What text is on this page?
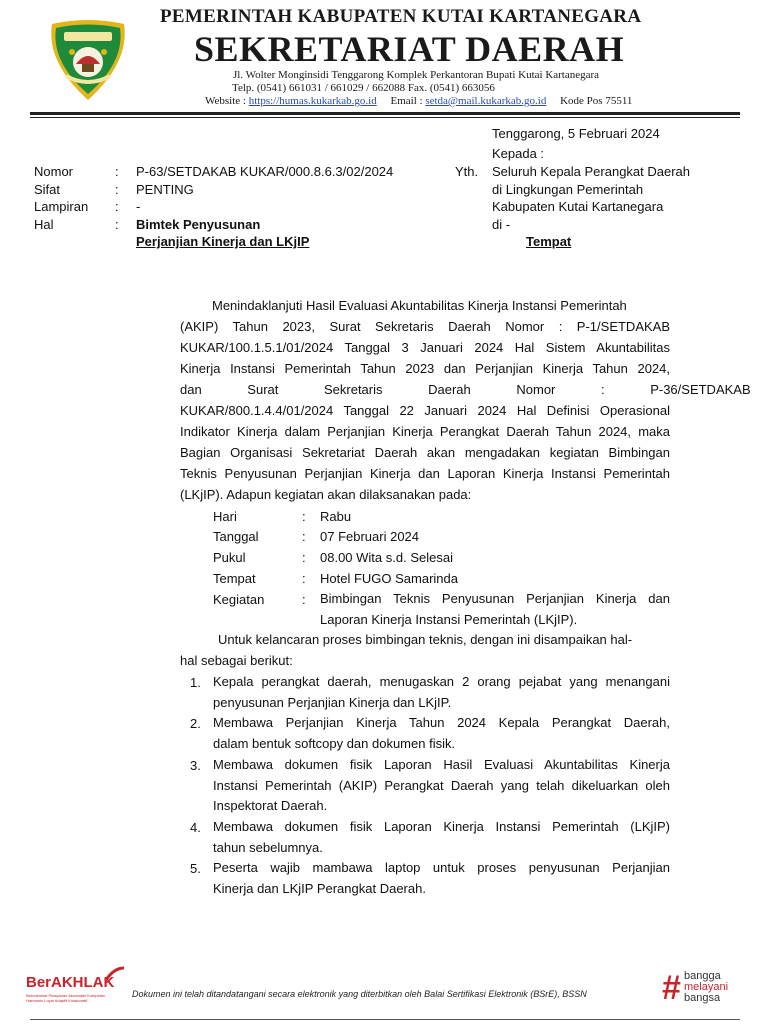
PEMERINTAH KABUPATEN KUTAI KARTANEGARA
SEKRETARIAT DAERAH
Jl. Wolter Monginsidi Tenggarong Komplek Perkantoran Bupati Kutai Kartanegara
Telp. (0541) 661031 / 661029 / 662088 Fax. (0541) 663056
Website : https://humas.kukarkab.go.id Email : setda@mail.kukarkab.go.id Kode Pos 75511
Tenggarong, 5 Februari 2024
Kepada :
Yth. Seluruh Kepala Perangkat Daerah
di Lingkungan Pemerintah
Kabupaten Kutai Kartanegara
di -
Tempat
Nomor	: P-63/SETDAKAB KUKAR/000.8.6.3/02/2024
Sifat	: PENTING
Lampiran : -
Hal	: Bimtek Penyusunan
Perjanjian Kinerja dan LKjIP
Menindaklanjuti Hasil Evaluasi Akuntabilitas Kinerja Instansi Pemerintah
(AKIP) Tahun 2023, Surat Sekretaris Daerah Nomor : P-1/SETDAKAB
KUKAR/100.1.5.1/01/2024 Tanggal 3 Januari 2024 Hal Sistem Akuntabilitas
Kinerja Instansi Pemerintah Tahun 2023 dan Perjanjian Kinerja Tahun 2024,
dan Surat Sekretaris Daerah Nomor : P-36/SETDAKAB
KUKAR/800.1.4.4/01/2024 Tanggal 22 Januari 2024 Hal Definisi Operasional
Indikator Kinerja dalam Perjanjian Kinerja Perangkat Daerah Tahun 2024, maka
Bagian Organisasi Sekretariat Daerah akan mengadakan kegiatan Bimbingan
Teknis Penyusunan Perjanjian Kinerja dan Laporan Kinerja Instansi Pemerintah
(LKjIP). Adapun kegiatan akan dilaksanakan pada:
Hari	: Rabu
Tanggal	: 07 Februari 2024
Pukul	: 08.00 Wita s.d. Selesai
Tempat	: Hotel FUGO Samarinda
Kegiatan	: Bimbingan Teknis Penyusunan Perjanjian Kinerja dan
Laporan Kinerja Instansi Pemerintah (LKjIP).
Untuk kelancaran proses bimbingan teknis, dengan ini disampaikan hal-
hal sebagai berikut:
1. Kepala perangkat daerah, menugaskan 2 orang pejabat yang menangani
penyusunan Perjanjian Kinerja dan LKjIP.
2. Membawa Perjanjian Kinerja Tahun 2024 Kepala Perangkat Daerah,
dalam bentuk softcopy dan dokumen fisik.
3. Membawa dokumen fisik Laporan Hasil Evaluasi Akuntabilitas Kinerja
Instansi Pemerintah (AKIP) Perangkat Daerah yang telah dikeluarkan oleh
Inspektorat Daerah.
4. Membawa dokumen fisik Laporan Kinerja Instansi Pemerintah (LKjIP)
tahun sebelumnya.
5. Peserta wajib mambawa laptop untuk proses penyusunan Perjanjian
Kinerja dan LKjIP Perangkat Daerah.
BerAKHLAK
Berorientasi Pelayanan Akuntabel Kompeten Harmonis Loyal Adaptif Kolaboratif
Dokumen ini telah ditandatangani secara elektronik yang diterbitkan oleh Balai Sertifikasi Elektronik (BSrE), BSSN # bangga
melayani
bangsa
